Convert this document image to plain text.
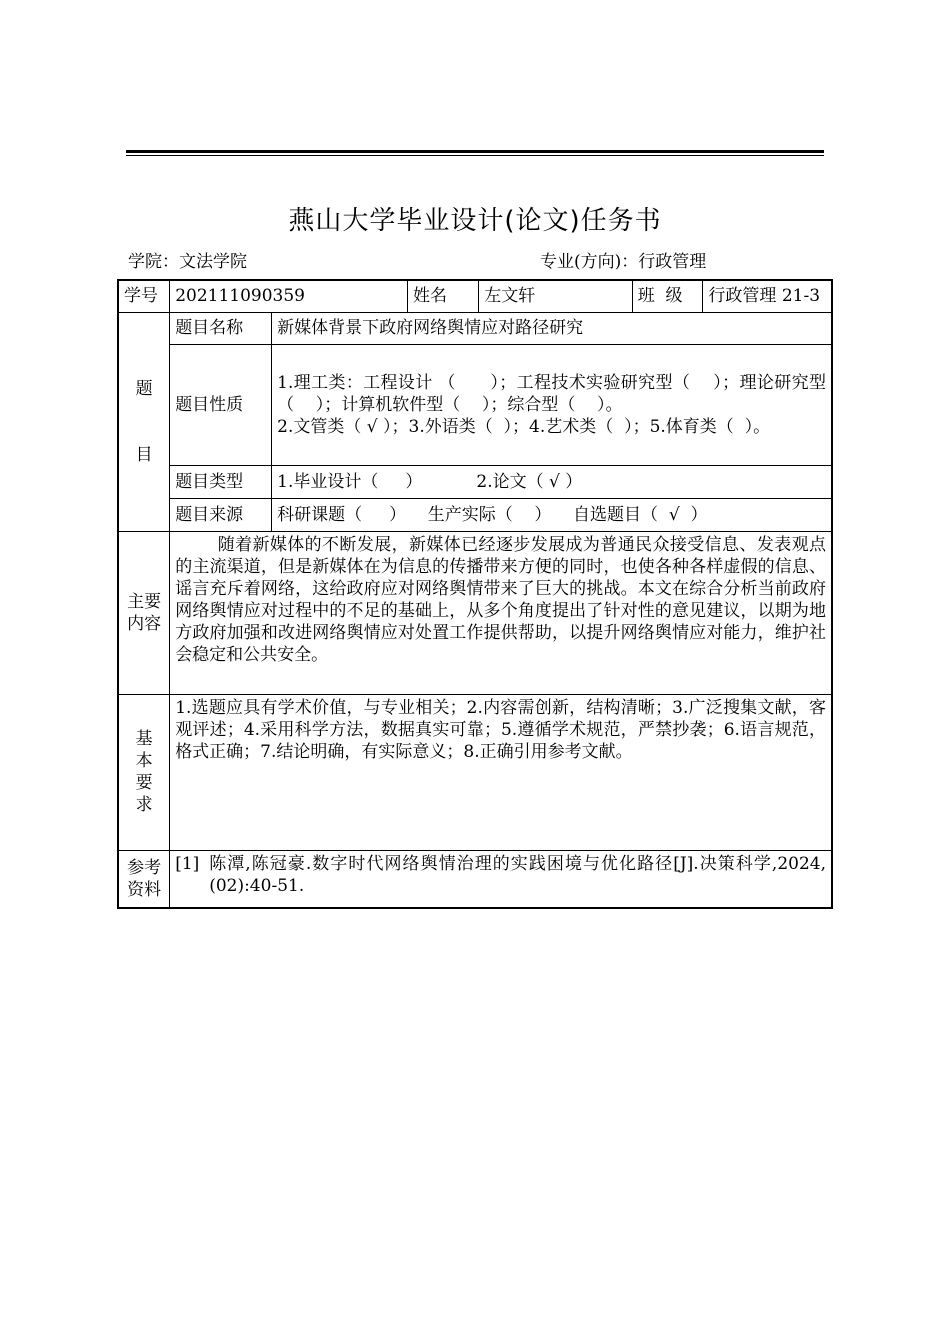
燕山大学毕业设计(论文)任务书
学院：文法学院	专业(方向)：行政管理
学号	202111090359		姓名	左文轩	班  级	行政管理 21-3

题
目	题目名称	新媒体背景下政府网络舆情应对路径研究				
	题目性质	1.理工类：工程设计 （      ）；工程技术实验研究型（    ）；理论研究型（    ）；计算机软件型（    ）；综合型（    ）。
2.文管类（ √ ）；3.外语类（  ）；4.艺术类（  ）；5.体育类（  ）。				

	题目类型	1.毕业设计（     ）          2.论文（ √ ）				
	题目来源	科研课题（     ）    生产实际（    ）    自选题目（  √  ）				

主要
内容	随着新媒体的不断发展，新媒体已经逐步发展成为普通民众接受信息、发表观点的主流渠道，但是新媒体在为信息的传播带来方便的同时，也使各种各样虚假的信息、谣言充斥着网络，这给政府应对网络舆情带来了巨大的挑战。本文在综合分析当前政府网络舆情应对过程中的不足的基础上，从多个角度提出了针对性的意见建议，以期为地方政府加强和改进网络舆情应对处置工作提供帮助，以提升网络舆情应对能力，维护社会稳定和公共安全。					

基
本
要
求	1.选题应具有学术价值，与专业相关；2.内容需创新，结构清晰；3.广泛搜集文献，客观评述；4.采用科学方法，数据真实可靠；5.遵循学术规范，严禁抄袭；6.语言规范，格式正确；7.结论明确，有实际意义；8.正确引用参考文献。					

参考
资料	[1] 陈潭,陈冠豪.数字时代网络舆情治理的实践困境与优化路径[J].决策科学,2024,(02):40-51.					
